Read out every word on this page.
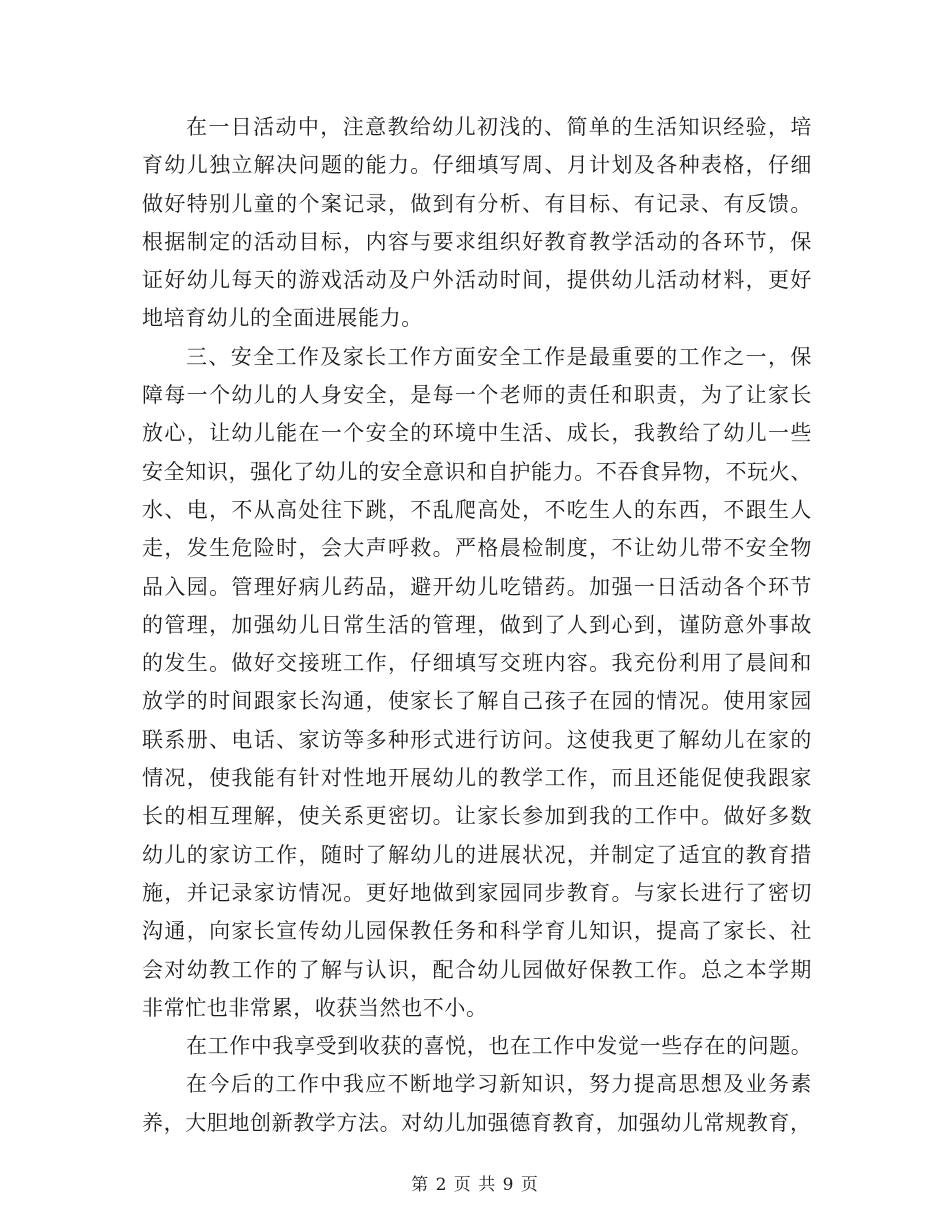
在一日活动中，注意教给幼儿初浅的、简单的生活知识经验，培
育幼儿独立解决问题的能力。仔细填写周、月计划及各种表格，仔细
做好特别儿童的个案记录，做到有分析、有目标、有记录、有反馈。
根据制定的活动目标，内容与要求组织好教育教学活动的各环节，保
证好幼儿每天的游戏活动及户外活动时间，提供幼儿活动材料，更好
地培育幼儿的全面进展能力。
三、安全工作及家长工作方面安全工作是最重要的工作之一，保
障每一个幼儿的人身安全，是每一个老师的责任和职责，为了让家长
放心，让幼儿能在一个安全的环境中生活、成长，我教给了幼儿一些
安全知识，强化了幼儿的安全意识和自护能力。不吞食异物，不玩火、
水、电，不从高处往下跳，不乱爬高处，不吃生人的东西，不跟生人
走，发生危险时，会大声呼救。严格晨检制度，不让幼儿带不安全物
品入园。管理好病儿药品，避开幼儿吃错药。加强一日活动各个环节
的管理，加强幼儿日常生活的管理，做到了人到心到，谨防意外事故
的发生。做好交接班工作，仔细填写交班内容。我充份利用了晨间和
放学的时间跟家长沟通，使家长了解自己孩子在园的情况。使用家园
联系册、电话、家访等多种形式进行访问。这使我更了解幼儿在家的
情况，使我能有针对性地开展幼儿的教学工作，而且还能促使我跟家
长的相互理解，使关系更密切。让家长参加到我的工作中。做好多数
幼儿的家访工作，随时了解幼儿的进展状况，并制定了适宜的教育措
施，并记录家访情况。更好地做到家园同步教育。与家长进行了密切
沟通，向家长宣传幼儿园保教任务和科学育儿知识，提高了家长、社
会对幼教工作的了解与认识，配合幼儿园做好保教工作。总之本学期
非常忙也非常累，收获当然也不小。
在工作中我享受到收获的喜悦，也在工作中发觉一些存在的问题。
在今后的工作中我应不断地学习新知识，努力提高思想及业务素
养，大胆地创新教学方法。对幼儿加强德育教育，加强幼儿常规教育，
第 2 页 共 9 页
